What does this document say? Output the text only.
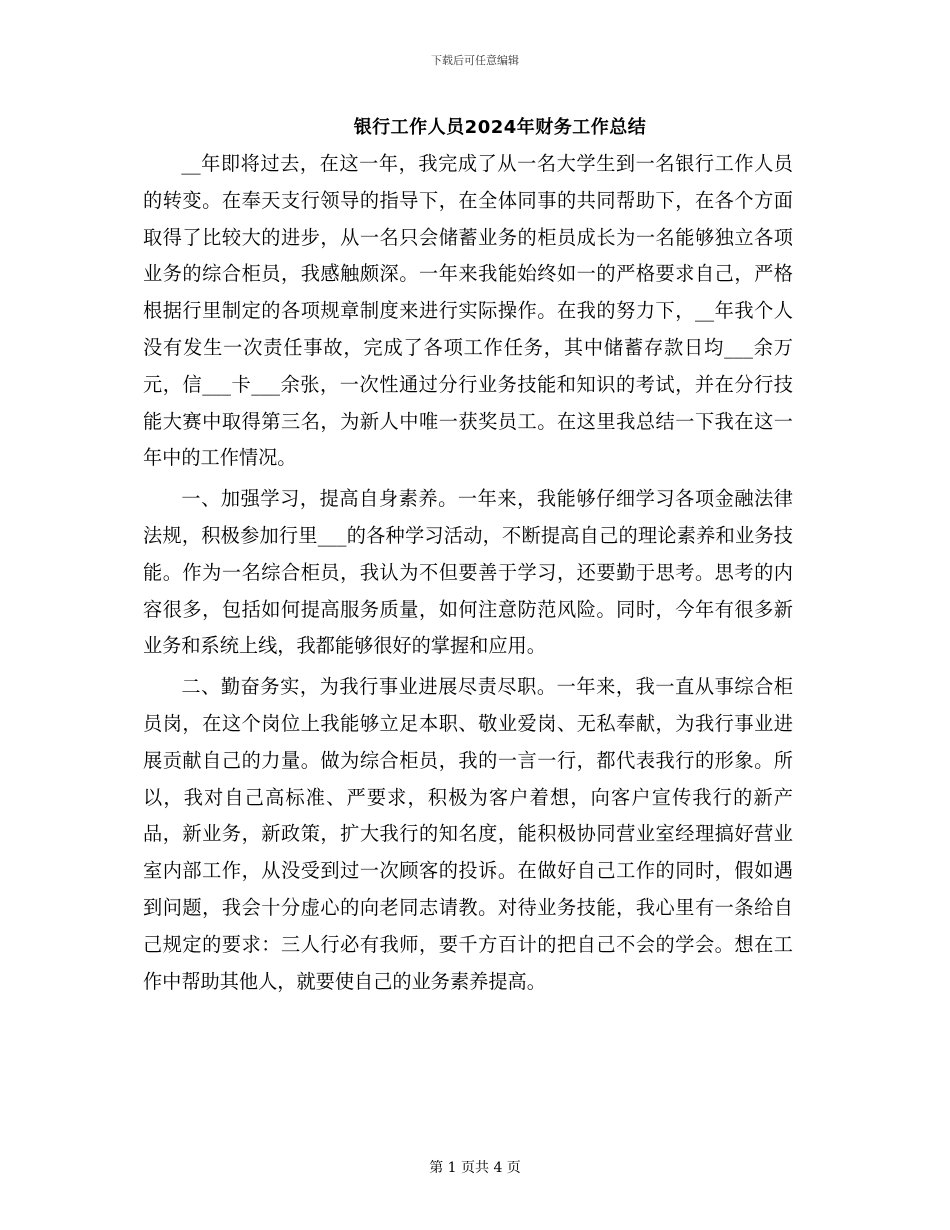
下载后可任意编辑
银行工作人员2024年财务工作总结

__年即将过去，在这一年，我完成了从一名大学生到一名银行工作人员的转变。在奉天支行领导的指导下，在全体同事的共同帮助下，在各个方面取得了比较大的进步，从一名只会储蓄业务的柜员成长为一名能够独立各项业务的综合柜员，我感触颇深。一年来我能始终如一的严格要求自己，严格根据行里制定的各项规章制度来进行实际操作。在我的努力下，__年我个人没有发生一次责任事故，完成了各项工作任务，其中储蓄存款日均___余万元，信___卡___余张，一次性通过分行业务技能和知识的考试，并在分行技能大赛中取得第三名，为新人中唯一获奖员工。在这里我总结一下我在这一年中的工作情况。

一、加强学习，提高自身素养。一年来，我能够仔细学习各项金融法律法规，积极参加行里___的各种学习活动，不断提高自己的理论素养和业务技能。作为一名综合柜员，我认为不但要善于学习，还要勤于思考。思考的内容很多，包括如何提高服务质量，如何注意防范风险。同时，今年有很多新业务和系统上线，我都能够很好的掌握和应用。

二、勤奋务实，为我行事业进展尽责尽职。一年来，我一直从事综合柜员岗，在这个岗位上我能够立足本职、敬业爱岗、无私奉献，为我行事业进展贡献自己的力量。做为综合柜员，我的一言一行，都代表我行的形象。所以，我对自己高标准、严要求，积极为客户着想，向客户宣传我行的新产品，新业务，新政策，扩大我行的知名度，能积极协同营业室经理搞好营业室内部工作，从没受到过一次顾客的投诉。在做好自己工作的同时，假如遇到问题，我会十分虚心的向老同志请教。对待业务技能，我心里有一条给自己规定的要求：三人行必有我师，要千方百计的把自己不会的学会。想在工作中帮助其他人，就要使自己的业务素养提高。

第 1 页共 4 页
